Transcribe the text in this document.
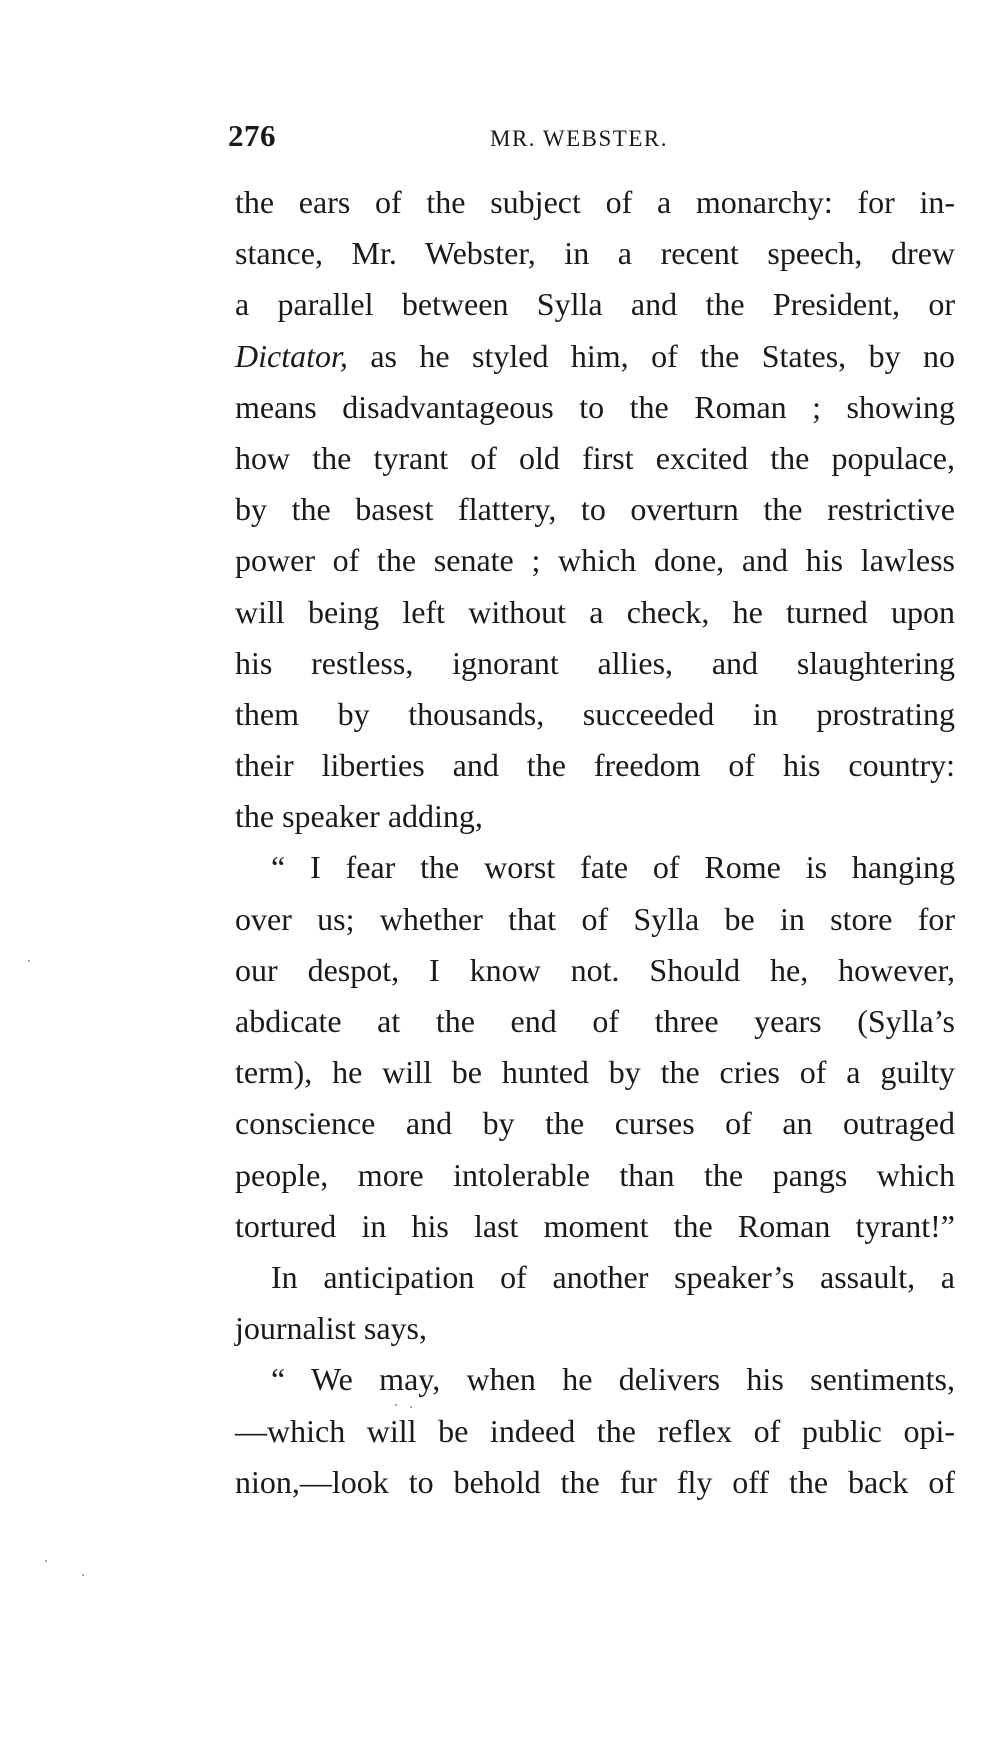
276	MR. WEBSTER.
the ears of the subject of a monarchy: for in-
stance, Mr. Webster, in a recent speech, drew
a parallel between Sylla and the President, or
Dictator, as he styled him, of the States, by no
means disadvantageous to the Roman ; showing
how the tyrant of old first excited the populace,
by the basest flattery, to overturn the restrictive
power of the senate ; which done, and his lawless
will being left without a check, he turned upon
his restless, ignorant allies, and slaughtering
them by thousands, succeeded in prostrating
their liberties and the freedom of his country:
the speaker adding,
“ I fear the worst fate of Rome is hanging
over us; whether that of Sylla be in store for
our despot, I know not. Should he, however,
abdicate at the end of three years (Sylla’s
term), he will be hunted by the cries of a guilty
conscience and by the curses of an outraged
people, more intolerable than the pangs which
tortured in his last moment the Roman tyrant!”
In anticipation of another speaker’s assault, a
journalist says,
“ We may, when he delivers his sentiments,
—which will be indeed the reflex of public opi-
nion,—look to behold the fur fly off the back of
